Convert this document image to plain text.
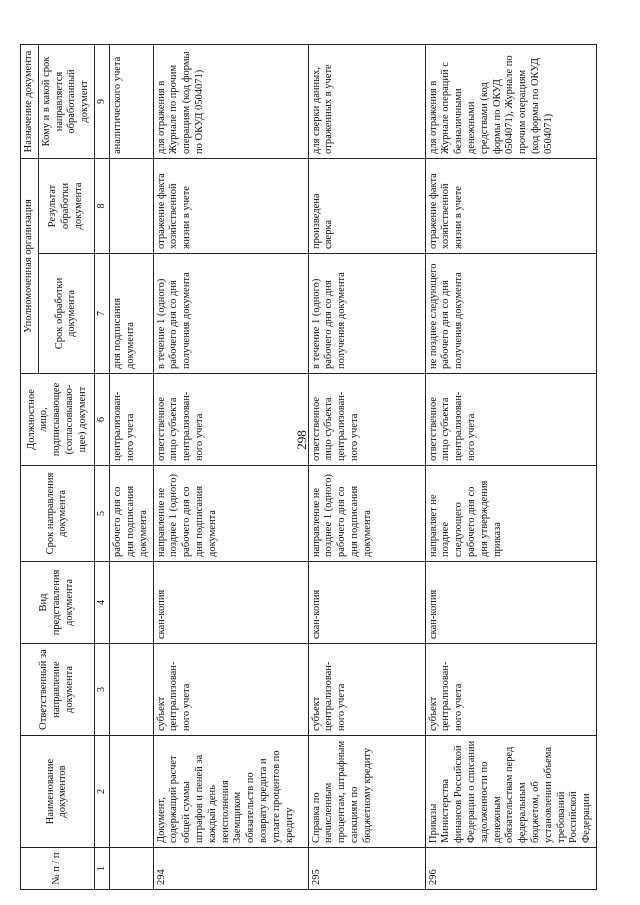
298
№ п / п	Наименование документов	Ответственный за направление документа	Вид представления документа	Срок направления документа	Должностное лицо, подписывающее (согласовываю-щее) документ	Уполномоченная организация		Назначение документа
						Срок обработки документа	Результат обработки документа	Кому и в какой срок направляется обработанный документ
1	2	3	4	5	6	7	8	9
				рабочего дня со дня подписания документа	централизован-ного учета	дня подписания документа		аналитического учета
294	Документ, содержащий расчет общей суммы штрафов и пеней за каждый день неисполнения Заемщиком обязательств по возврату кредита и уплате процентов по кредиту	субъект централизован-ного учета	скан-копия	направление не позднее 1 (одного) рабочего дня со дня подписания документа	ответственное лицо субъекта централизован-ного учета	в течение 1 (одного) рабочего дня со дня получения документа	отражение факта хозяйственной жизни в учете	для отражения в Журнале по прочим операциям (код формы по ОКУД 0504071)
295	Справка по начисленным процентам, штрафным санкциям по бюджетному кредиту	субъект централизован-ного учета	скан-копия	направление не позднее 1 (одного) рабочего дня со дня подписания документа	ответственное лицо субъекта централизован-ного учета	в течение 1 (одного) рабочего дня со дня получения документа	произведена сверка	для сверки данных, отраженных в учете
296	Приказы Министерства финансов Российской Федерации о списании задолженности по денежным обязательствам перед федеральным бюджетом, об установлении объема требований Российской Федерации	субъект централизован-ного учета	скан-копия	направляет не позднее следующего рабочего дня со дня утверждения приказа	ответственное лицо субъекта централизован-ного учета	не позднее следующего рабочего дня со дня получения документа	отражение факта хозяйственной жизни в учете	для отражения в Журнале операций с безналичными денежными средствами (код формы по ОКУД 0504071), Журнале по прочим операциям (код формы по ОКУД 0504071)
